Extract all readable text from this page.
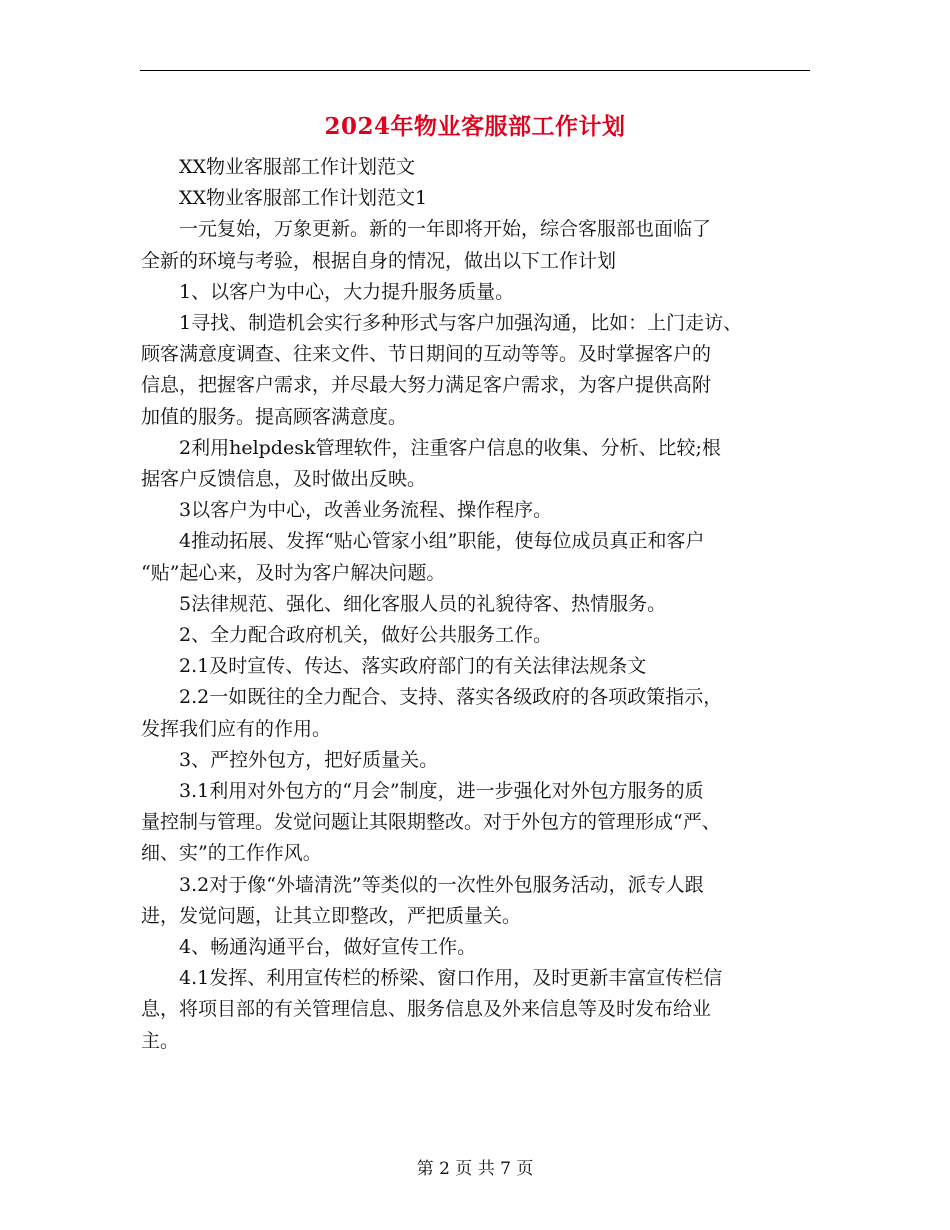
2024年物业客服部工作计划
XX物业客服部工作计划范文
XX物业客服部工作计划范文1
一元复始，万象更新。新的一年即将开始，综合客服部也面临了
全新的环境与考验，根据自身的情况，做出以下工作计划
1、以客户为中心，大力提升服务质量。
1寻找、制造机会实行多种形式与客户加强沟通，比如：上门走访、
顾客满意度调查、往来文件、节日期间的互动等等。及时掌握客户的
信息，把握客户需求，并尽最大努力满足客户需求，为客户提供高附
加值的服务。提高顾客满意度。
2利用helpdesk管理软件，注重客户信息的收集、分析、比较;根
据客户反馈信息，及时做出反映。
3以客户为中心，改善业务流程、操作程序。
4推动拓展、发挥“贴心管家小组”职能，使每位成员真正和客户
“贴”起心来，及时为客户解决问题。
5法律规范、强化、细化客服人员的礼貌待客、热情服务。
2、全力配合政府机关，做好公共服务工作。
2.1及时宣传、传达、落实政府部门的有关法律法规条文
2.2一如既往的全力配合、支持、落实各级政府的各项政策指示，
发挥我们应有的作用。
3、严控外包方，把好质量关。
3.1利用对外包方的“月会”制度，进一步强化对外包方服务的质
量控制与管理。发觉问题让其限期整改。对于外包方的管理形成“严、
细、实”的工作作风。
3.2对于像“外墙清洗”等类似的一次性外包服务活动，派专人跟
进，发觉问题，让其立即整改，严把质量关。
4、畅通沟通平台，做好宣传工作。
4.1发挥、利用宣传栏的桥梁、窗口作用，及时更新丰富宣传栏信
息，将项目部的有关管理信息、服务信息及外来信息等及时发布给业
主。
第 2 页 共 7 页
